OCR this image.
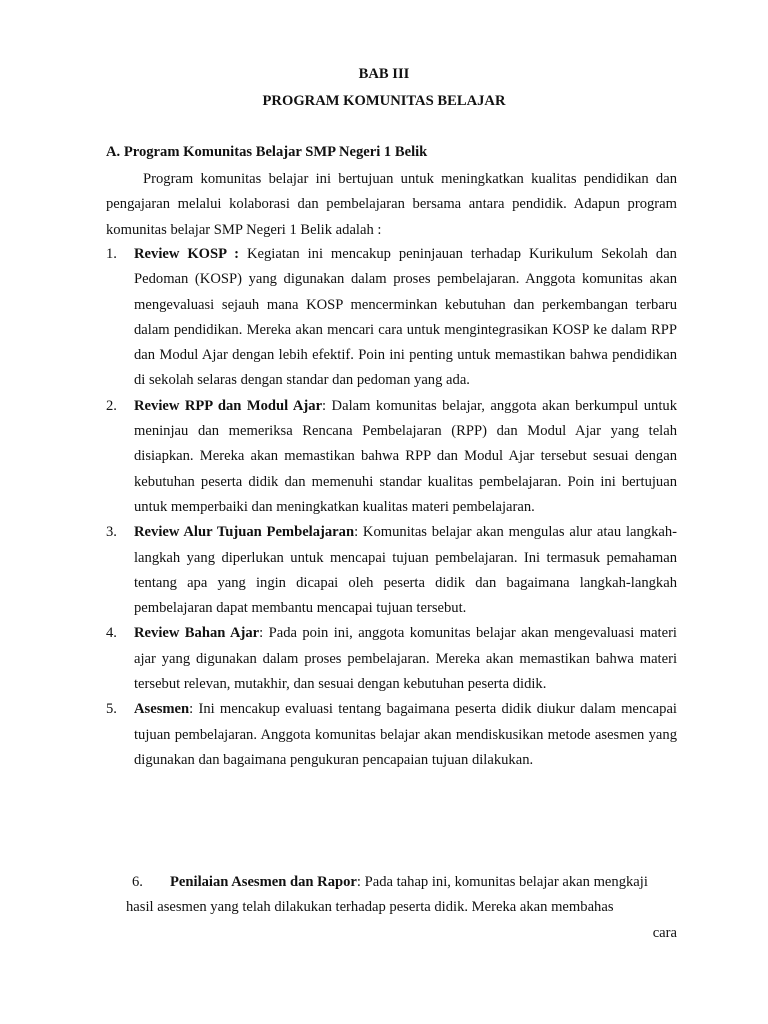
BAB III
PROGRAM KOMUNITAS BELAJAR
A. Program Komunitas Belajar SMP Negeri 1 Belik

Program komunitas belajar ini bertujuan untuk meningkatkan kualitas pendidikan dan pengajaran melalui kolaborasi dan pembelajaran bersama antara pendidik. Adapun program komunitas belajar SMP Negeri 1 Belik adalah :

1.	Review KOSP : Kegiatan ini mencakup peninjauan terhadap Kurikulum Sekolah dan Pedoman (KOSP) yang digunakan dalam proses pembelajaran. Anggota komunitas akan mengevaluasi sejauh mana KOSP mencerminkan kebutuhan dan perkembangan terbaru dalam pendidikan. Mereka akan mencari cara untuk mengintegrasikan KOSP ke dalam RPP dan Modul Ajar dengan lebih efektif. Poin ini penting untuk memastikan bahwa pendidikan di sekolah selaras dengan standar dan pedoman yang ada.
2.	Review RPP dan Modul Ajar: Dalam komunitas belajar, anggota akan berkumpul untuk meninjau dan memeriksa Rencana Pembelajaran (RPP) dan Modul Ajar yang telah disiapkan. Mereka akan memastikan bahwa RPP dan Modul Ajar tersebut sesuai dengan kebutuhan peserta didik dan memenuhi standar kualitas pembelajaran. Poin ini bertujuan untuk memperbaiki dan meningkatkan kualitas materi pembelajaran.
3.	Review Alur Tujuan Pembelajaran: Komunitas belajar akan mengulas alur atau langkah-langkah yang diperlukan untuk mencapai tujuan pembelajaran. Ini termasuk pemahaman tentang apa yang ingin dicapai oleh peserta didik dan bagaimana langkah-langkah pembelajaran dapat membantu mencapai tujuan tersebut.
4.	Review Bahan Ajar: Pada poin ini, anggota komunitas belajar akan mengevaluasi materi ajar yang digunakan dalam proses pembelajaran. Mereka akan memastikan bahwa materi tersebut relevan, mutakhir, dan sesuai dengan kebutuhan peserta didik.
5.	Asesmen: Ini mencakup evaluasi tentang bagaimana peserta didik diukur dalam mencapai tujuan pembelajaran. Anggota komunitas belajar akan mendiskusikan metode asesmen yang digunakan dan bagaimana pengukuran pencapaian tujuan dilakukan.
6. Penilaian Asesmen dan Rapor: Pada tahap ini, komunitas belajar akan mengkaji
hasil asesmen yang telah dilakukan terhadap peserta didik. Mereka akan membahas
cara
